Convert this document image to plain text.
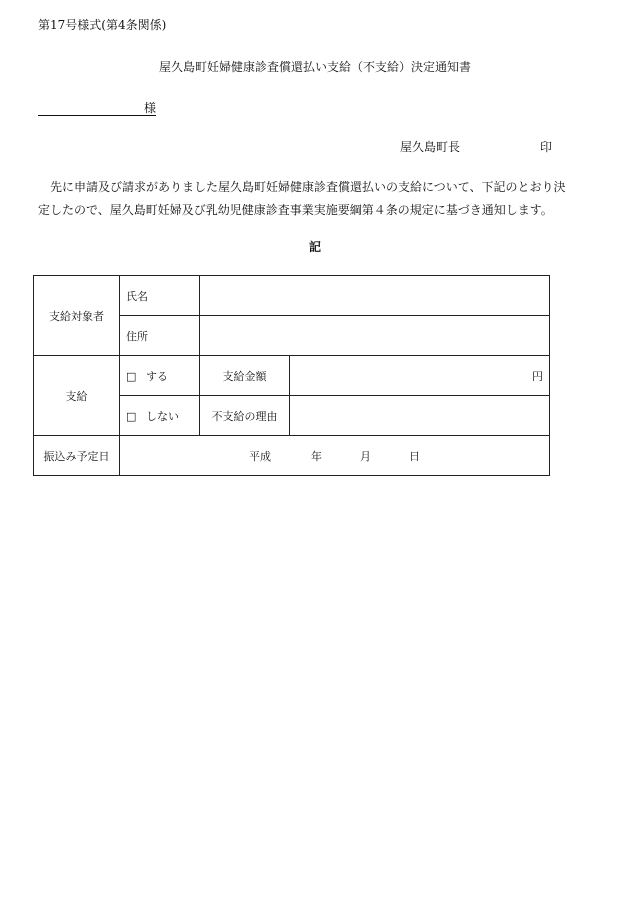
第17号様式(第4条関係)
屋久島町妊婦健康診査償還払い支給（不支給）決定通知書
様
屋久島町長	印
先に申請及び請求がありました屋久島町妊婦健康診査償還払いの支給について、下記のとおり決
定したので、屋久島町妊婦及び乳幼児健康診査事業実施要綱第４条の規定に基づき通知します。
記
支給対象者	氏名		
	住所		
支給	□ する	支給金額	円
	□ しない	不支給の理由	
振込み予定日	平成 年 月 日		
